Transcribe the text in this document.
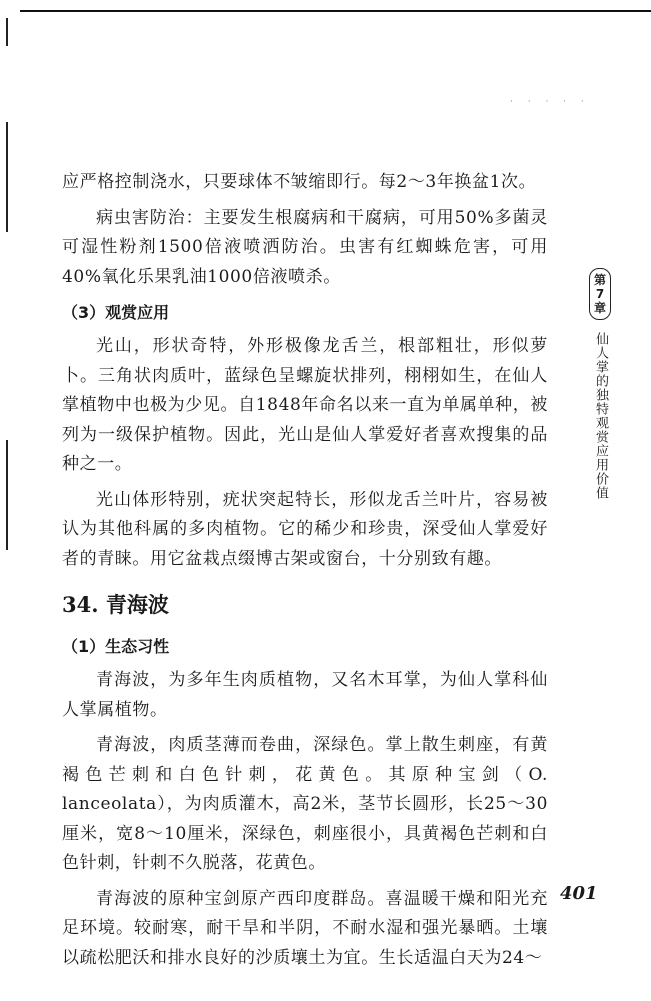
· · · · ·

应严格控制浇水，只要球体不皱缩即行。每2～3年换盆1次。

病虫害防治：主要发生根腐病和干腐病，可用50%多菌灵可湿性粉剂1500倍液喷洒防治。虫害有红蜘蛛危害，可用40%氧化乐果乳油1000倍液喷杀。

（3）观赏应用

光山，形状奇特，外形极像龙舌兰，根部粗壮，形似萝卜。三角状肉质叶，蓝绿色呈螺旋状排列，栩栩如生，在仙人掌植物中也极为少见。自1848年命名以来一直为单属单种，被列为一级保护植物。因此，光山是仙人掌爱好者喜欢搜集的品种之一。

光山体形特别，疣状突起特长，形似龙舌兰叶片，容易被认为其他科属的多肉植物。它的稀少和珍贵，深受仙人掌爱好者的青睐。用它盆栽点缀博古架或窗台，十分别致有趣。

34. 青海波
（1）生态习性

青海波，为多年生肉质植物，又名木耳掌，为仙人掌科仙人掌属植物。

青海波，肉质茎薄而卷曲，深绿色。掌上散生刺座，有黄褐色芒刺和白色针刺，花黄色。其原种宝剑（O. lanceolata），为肉质灌木，高2米，茎节长圆形，长25～30厘米，宽8～10厘米，深绿色，刺座很小，具黄褐色芒刺和白色针刺，针刺不久脱落，花黄色。

青海波的原种宝剑原产西印度群岛。喜温暖干燥和阳光充足环境。较耐寒，耐干旱和半阴，不耐水湿和强光暴晒。土壤以疏松肥沃和排水良好的沙质壤土为宜。生长适温白天为24～

第7章
仙人掌的独特观赏应用价值
401
